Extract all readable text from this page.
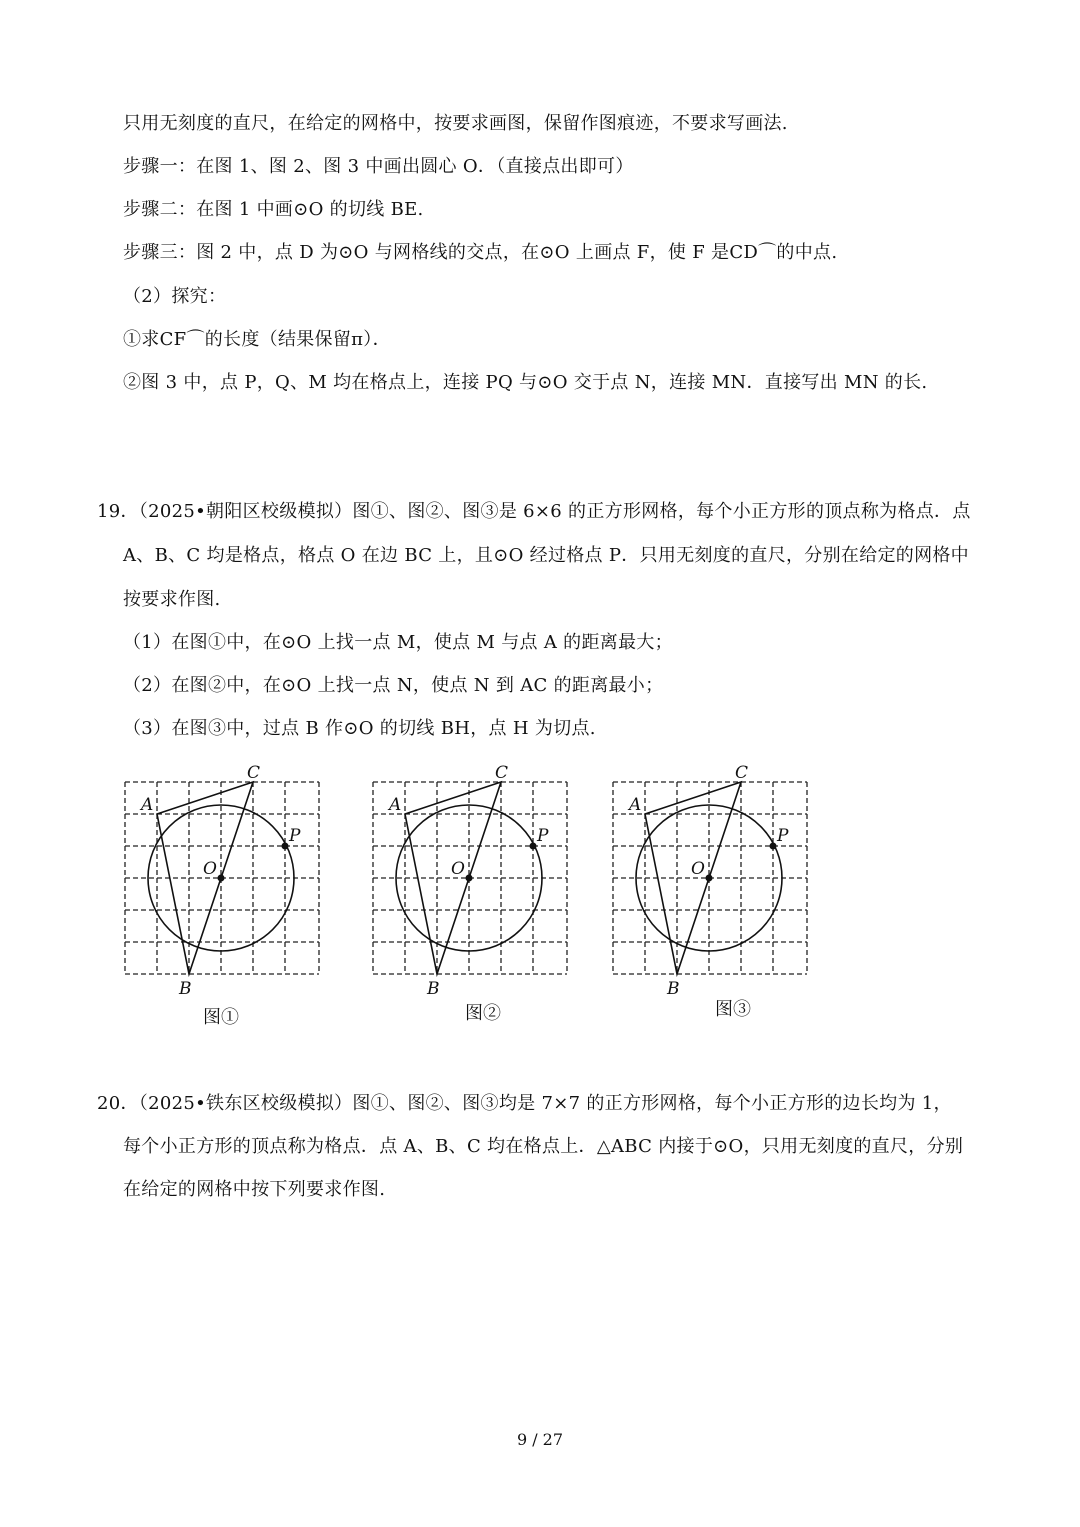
只用无刻度的直尺，在给定的网格中，按要求画图，保留作图痕迹，不要求写画法.
步骤一：在图 1、图 2、图 3 中画出圆心 O．（直接点出即可）
步骤二：在图 1 中画⊙O 的切线 BE.
步骤三：图 2 中，点 D 为⊙O 与网格线的交点，在⊙O 上画点 F，使 F 是CD⌒的中点.
（2）探究：
①求CF⌒的长度（结果保留π）．
②图 3 中，点 P，Q、M 均在格点上，连接 PQ 与⊙O 交于点 N，连接 MN．直接写出 MN 的长.
19．（2025•朝阳区校级模拟）图①、图②、图③是 6×6 的正方形网格，每个小正方形的顶点称为格点．点
A、B、C 均是格点，格点 O 在边 BC 上，且⊙O 经过格点 P．只用无刻度的直尺，分别在给定的网格中
按要求作图.
（1）在图①中，在⊙O 上找一点 M，使点 M 与点 A 的距离最大；
（2）在图②中，在⊙O 上找一点 N，使点 N 到 AC 的距离最小；
（3）在图③中，过点 B 作⊙O 的切线 BH，点 H 为切点.
A
C
O
P
B
图①
A
C
O
P
B
图②
A
C
O
P
B
图③
20．（2025•铁东区校级模拟）图①、图②、图③均是 7×7 的正方形网格，每个小正方形的边长均为 1，
每个小正方形的顶点称为格点．点 A、B、C 均在格点上．△ABC 内接于⊙O，只用无刻度的直尺，分别
在给定的网格中按下列要求作图.
9 / 27
